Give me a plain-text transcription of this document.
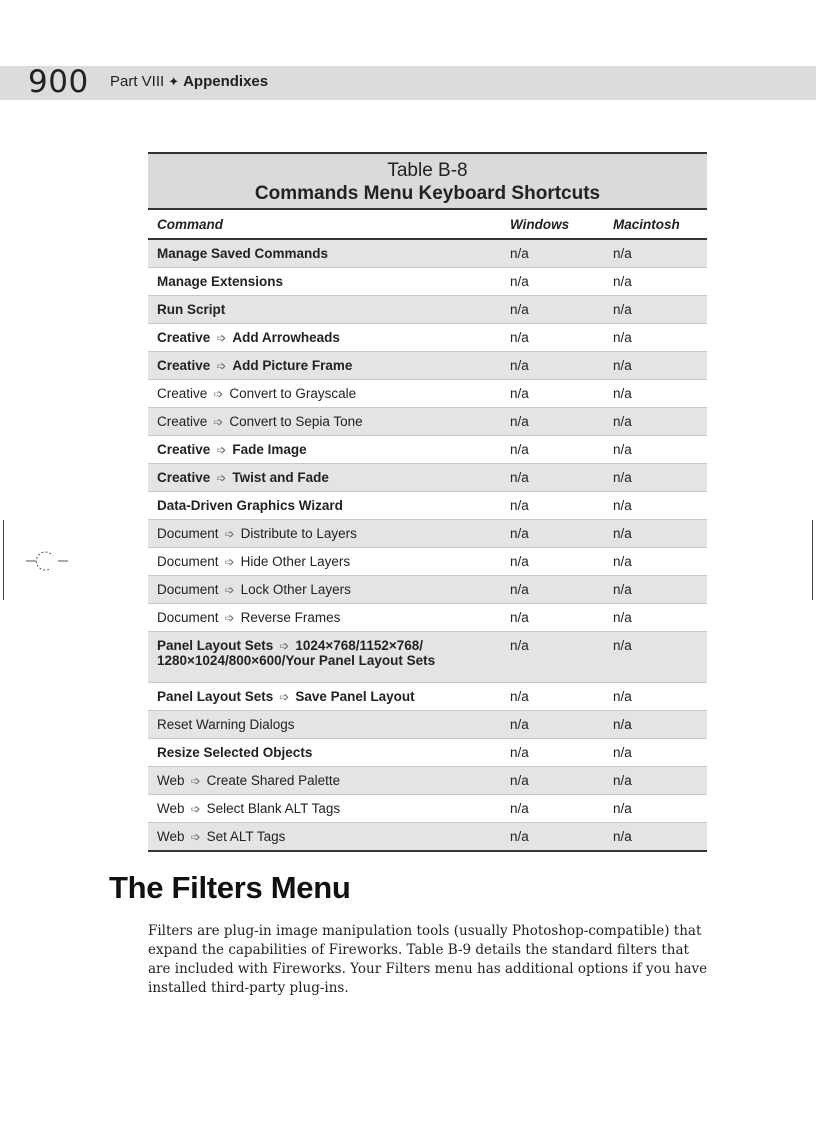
900 Part VIII ✦ Appendixes
Table B-8
Commands Menu Keyboard Shortcuts
Command	Windows	Macintosh
Manage Saved Commands	n/a	n/a
Manage Extensions	n/a	n/a
Run Script	n/a	n/a
Creative ➩ Add Arrowheads	n/a	n/a
Creative ➩ Add Picture Frame	n/a	n/a
Creative ➩ Convert to Grayscale	n/a	n/a
Creative ➩ Convert to Sepia Tone	n/a	n/a
Creative ➩ Fade Image	n/a	n/a
Creative ➩ Twist and Fade	n/a	n/a
Data-Driven Graphics Wizard	n/a	n/a
Document ➩ Distribute to Layers	n/a	n/a
Document ➩ Hide Other Layers	n/a	n/a
Document ➩ Lock Other Layers	n/a	n/a
Document ➩ Reverse Frames	n/a	n/a
Panel Layout Sets ➩ 1024×768/1152×768/
1280×1024/800×600/Your Panel Layout Sets	n/a	n/a
Panel Layout Sets ➩ Save Panel Layout	n/a	n/a
Reset Warning Dialogs	n/a	n/a
Resize Selected Objects	n/a	n/a
Web ➩ Create Shared Palette	n/a	n/a
Web ➩ Select Blank ALT Tags	n/a	n/a
Web ➩ Set ALT Tags	n/a	n/a
The Filters Menu

Filters are plug-in image manipulation tools (usually Photoshop-compatible) that expand the capabilities of Fireworks. Table B-9 details the standard filters that are included with Fireworks. Your Filters menu has additional options if you have installed third-party plug-ins.
